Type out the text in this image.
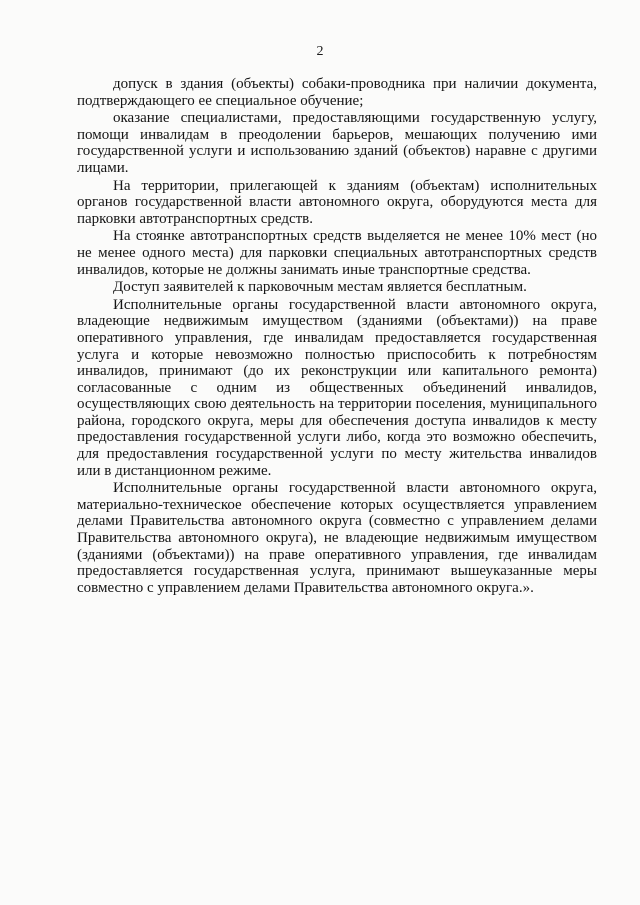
2

допуск в здания (объекты) собаки-проводника при наличии документа, подтверждающего ее специальное обучение;

оказание специалистами, предоставляющими государственную услугу, помощи инвалидам в преодолении барьеров, мешающих получению ими государственной услуги и использованию зданий (объектов) наравне с другими лицами.

На территории, прилегающей к зданиям (объектам) исполнительных органов государственной власти автономного округа, оборудуются места для парковки автотранспортных средств.

На стоянке автотранспортных средств выделяется не менее 10% мест (но не менее одного места) для парковки специальных автотранспортных средств инвалидов, которые не должны занимать иные транспортные средства.

Доступ заявителей к парковочным местам является бесплатным.

Исполнительные органы государственной власти автономного округа, владеющие недвижимым имуществом (зданиями (объектами)) на праве оперативного управления, где инвалидам предоставляется государственная услуга и которые невозможно полностью приспособить к потребностям инвалидов, принимают (до их реконструкции или капитального ремонта) согласованные с одним из общественных объединений инвалидов, осуществляющих свою деятельность на территории поселения, муниципального района, городского округа, меры для обеспечения доступа инвалидов к месту предоставления государственной услуги либо, когда это возможно обеспечить, для предоставления государственной услуги по месту жительства инвалидов или в дистанционном режиме.

Исполнительные органы государственной власти автономного округа, материально-техническое обеспечение которых осуществляется управлением делами Правительства автономного округа (совместно с управлением делами Правительства автономного округа), не владеющие недвижимым имуществом (зданиями (объектами)) на праве оперативного управления, где инвалидам предоставляется государственная услуга, принимают вышеуказанные меры совместно с управлением делами Правительства автономного округа.».
